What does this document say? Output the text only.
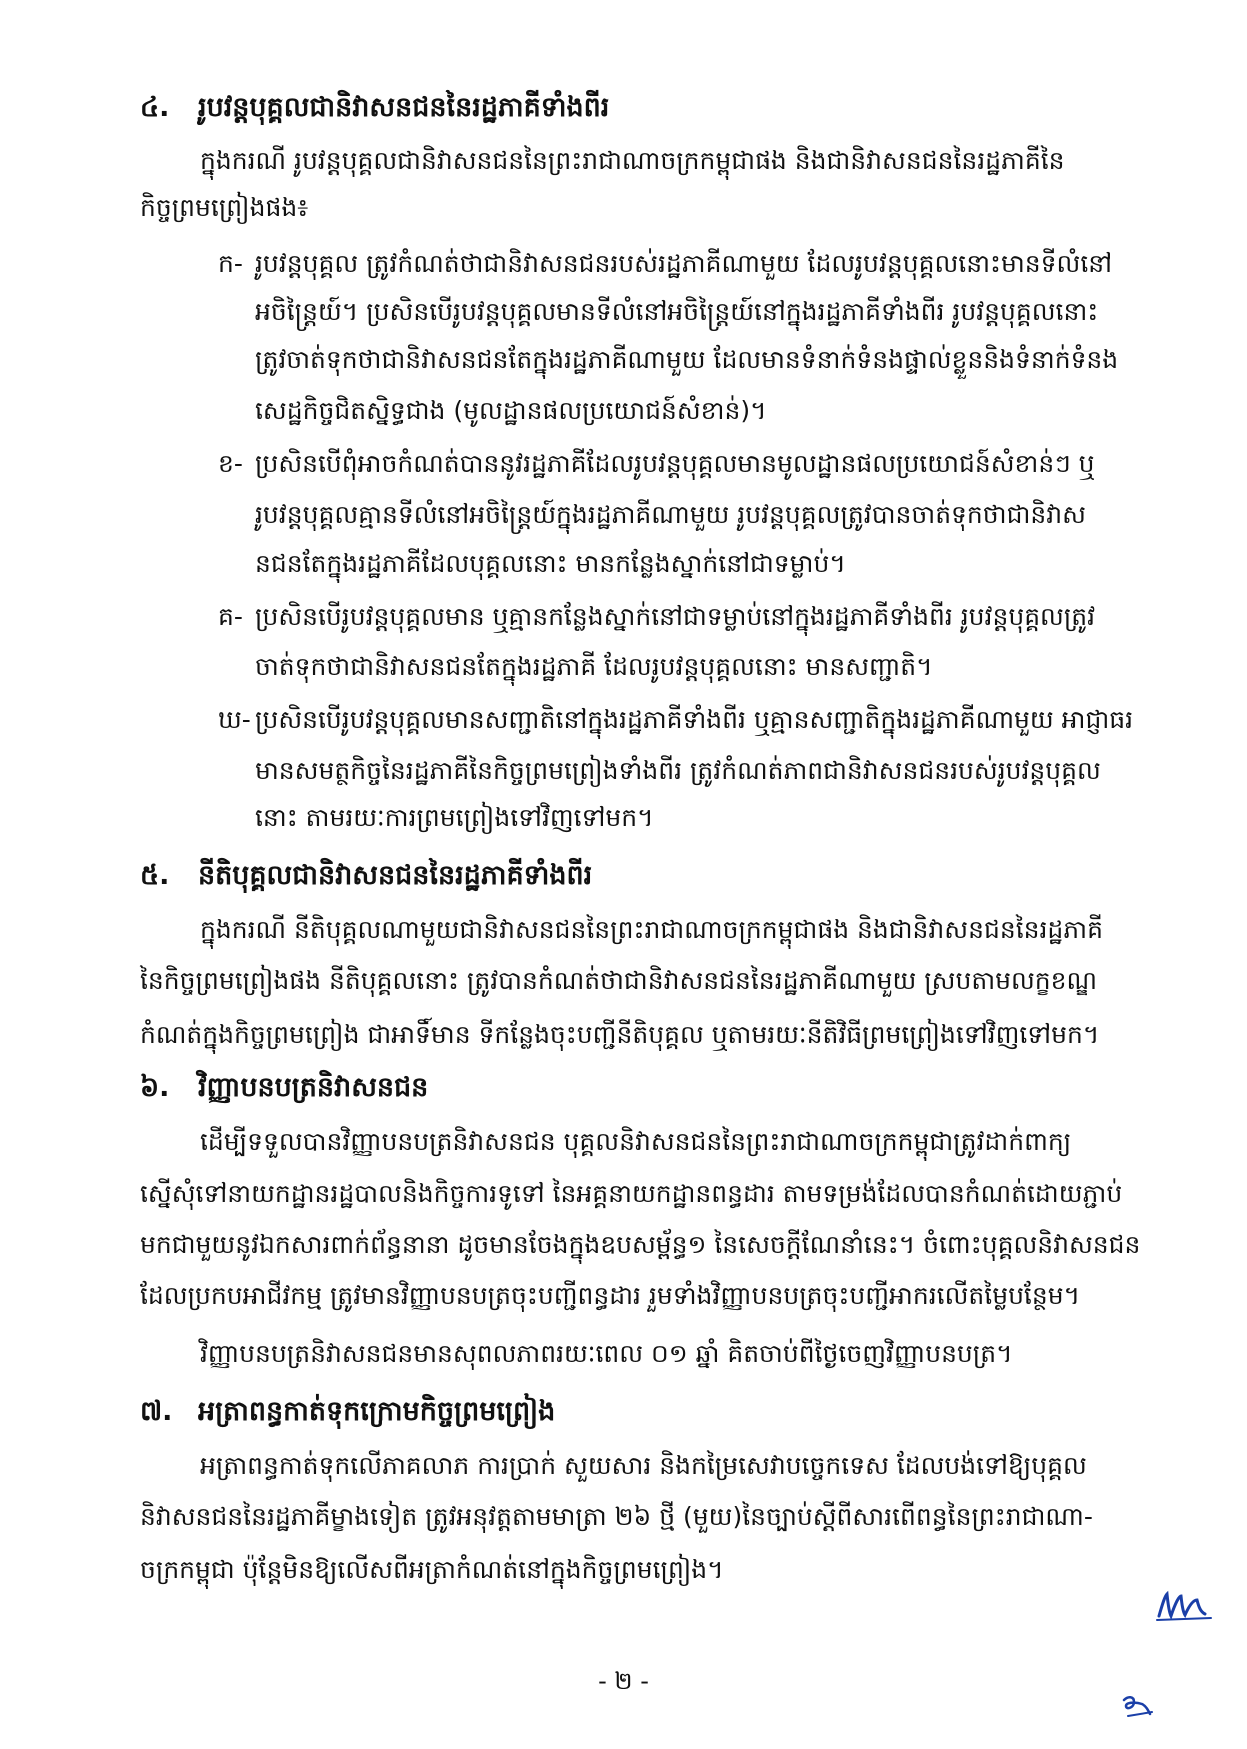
៤. រូបវន្តបុគ្គលជានិវាសនជននៃរដ្ឋភាគីទាំងពីរ
ក្នុងករណី រូបវន្តបុគ្គលជានិវាសនជននៃព្រះរាជាណាចក្រកម្ពុជាផង និងជានិវាសនជននៃរដ្ឋភាគីនៃ
កិច្ចព្រមព្រៀងផង៖
ក- រូបវន្តបុគ្គល ត្រូវកំណត់ថាជានិវាសនជនរបស់រដ្ឋភាគីណាមួយ ដែលរូបវន្តបុគ្គលនោះមានទីលំនៅ
អចិន្ត្រៃយ៍។ ប្រសិនបើរូបវន្តបុគ្គលមានទីលំនៅអចិន្ត្រៃយ៍នៅក្នុងរដ្ឋភាគីទាំងពីរ រូបវន្តបុគ្គលនោះ
ត្រូវចាត់ទុកថាជានិវាសនជនតែក្នុងរដ្ឋភាគីណាមួយ ដែលមានទំនាក់ទំនងផ្ទាល់ខ្លួននិងទំនាក់ទំនង
សេដ្ឋកិច្ចជិតស្និទ្ធជាង (មូលដ្ឋានផលប្រយោជន៍សំខាន់)។
ខ- ប្រសិនបើពុំអាចកំណត់បាននូវរដ្ឋភាគីដែលរូបវន្តបុគ្គលមានមូលដ្ឋានផលប្រយោជន៍សំខាន់ៗ ឬ
រូបវន្តបុគ្គលគ្មានទីលំនៅអចិន្ត្រៃយ៍ក្នុងរដ្ឋភាគីណាមួយ រូបវន្តបុគ្គលត្រូវបានចាត់ទុកថាជានិវាស
នជនតែក្នុងរដ្ឋភាគីដែលបុគ្គលនោះ មានកន្លែងស្នាក់នៅជាទម្លាប់។
គ- ប្រសិនបើរូបវន្តបុគ្គលមាន ឬគ្មានកន្លែងស្នាក់នៅជាទម្លាប់នៅក្នុងរដ្ឋភាគីទាំងពីរ រូបវន្តបុគ្គលត្រូវ
ចាត់ទុកថាជានិវាសនជនតែក្នុងរដ្ឋភាគី ដែលរូបវន្តបុគ្គលនោះ មានសញ្ជាតិ។
ឃ- ប្រសិនបើរូបវន្តបុគ្គលមានសញ្ជាតិនៅក្នុងរដ្ឋភាគីទាំងពីរ ឬគ្មានសញ្ជាតិក្នុងរដ្ឋភាគីណាមួយ អាជ្ញាធរ
មានសមត្ថកិច្ចនៃរដ្ឋភាគីនៃកិច្ចព្រមព្រៀងទាំងពីរ ត្រូវកំណត់ភាពជានិវាសនជនរបស់រូបវន្តបុគ្គល
នោះ តាមរយៈការព្រមព្រៀងទៅវិញទៅមក។
៥. នីតិបុគ្គលជានិវាសនជននៃរដ្ឋភាគីទាំងពីរ
ក្នុងករណី នីតិបុគ្គលណាមួយជានិវាសនជននៃព្រះរាជាណាចក្រកម្ពុជាផង និងជានិវាសនជននៃរដ្ឋភាគី
នៃកិច្ចព្រមព្រៀងផង នីតិបុគ្គលនោះ ត្រូវបានកំណត់ថាជានិវាសនជននៃរដ្ឋភាគីណាមួយ ស្របតាមលក្ខខណ្ឌ
កំណត់ក្នុងកិច្ចព្រមព្រៀង ជាអាទិ៍មាន ទីកន្លែងចុះបញ្ជីនីតិបុគ្គល ឬតាមរយៈនីតិវិធីព្រមព្រៀងទៅវិញទៅមក។
៦. វិញ្ញាបនបត្រនិវាសនជន
ដើម្បីទទួលបានវិញ្ញាបនបត្រនិវាសនជន បុគ្គលនិវាសនជននៃព្រះរាជាណាចក្រកម្ពុជាត្រូវដាក់ពាក្យ
ស្នើសុំទៅនាយកដ្ឋានរដ្ឋបាលនិងកិច្ចការទូទៅ នៃអគ្គនាយកដ្ឋានពន្ធដារ តាមទម្រង់ដែលបានកំណត់ដោយភ្ជាប់
មកជាមួយនូវឯកសារពាក់ព័ន្ធនានា ដូចមានចែងក្នុងឧបសម្ព័ន្ធ១ នៃសេចក្តីណែនាំនេះ។ ចំពោះបុគ្គលនិវាសនជន
ដែលប្រកបអាជីវកម្ម ត្រូវមានវិញ្ញាបនបត្រចុះបញ្ជីពន្ធដារ រួមទាំងវិញ្ញាបនបត្រចុះបញ្ជីអាករលើតម្លៃបន្ថែម។
វិញ្ញាបនបត្រនិវាសនជនមានសុពលភាពរយៈពេល ០១ ឆ្នាំ គិតចាប់ពីថ្ងៃចេញវិញ្ញាបនបត្រ។
៧. អត្រាពន្ធកាត់ទុកក្រោមកិច្ចព្រមព្រៀង
អត្រាពន្ធកាត់ទុកលើភាគលាភ ការប្រាក់ សួយសារ និងកម្រៃសេវាបច្ចេកទេស ដែលបង់ទៅឱ្យបុគ្គល
និវាសនជននៃរដ្ឋភាគីម្ខាងទៀត ត្រូវអនុវត្តតាមមាត្រា ២៦ ថ្មី (មួយ)នៃច្បាប់ស្តីពីសារពើពន្ធនៃព្រះរាជាណា-
ចក្រកម្ពុជា ប៉ុន្តែមិនឱ្យលើសពីអត្រាកំណត់នៅក្នុងកិច្ចព្រមព្រៀង។
- ២ -
